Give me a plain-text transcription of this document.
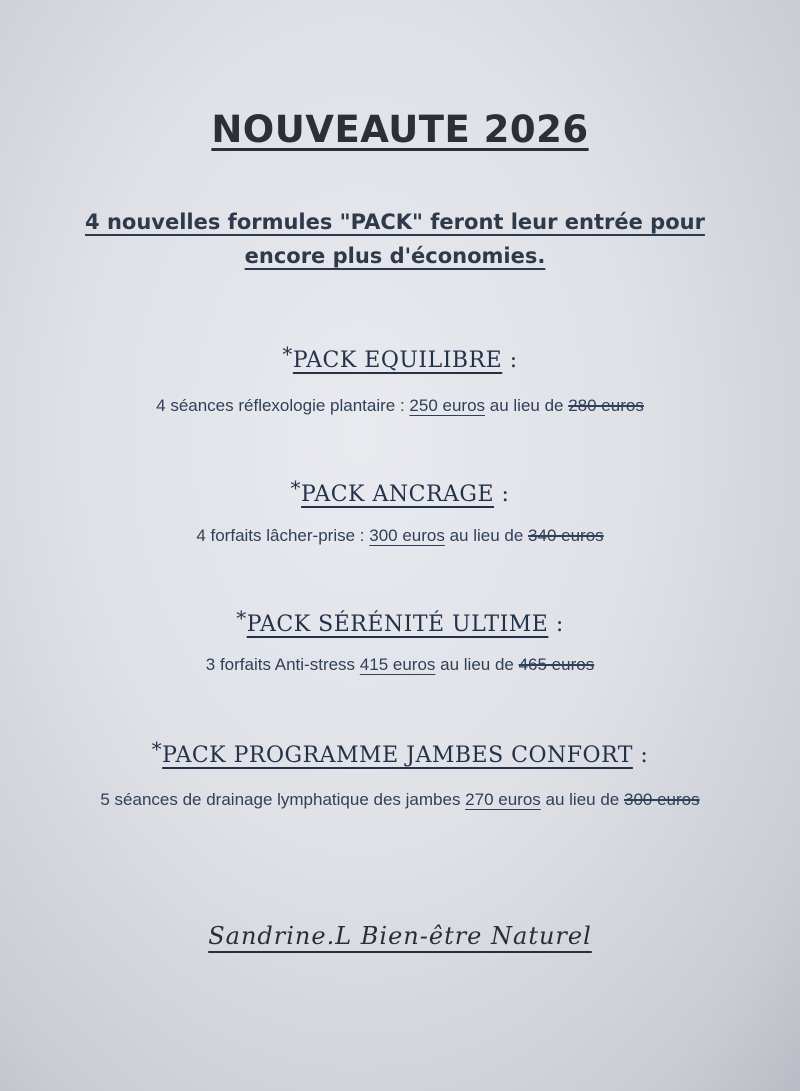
NOUVEAUTE 2026
4 nouvelles formules "PACK" feront leur entrée pour encore plus d'économies.
*PACK EQUILIBRE :
4 séances réflexologie plantaire : 250 euros au lieu de 280 euros
*PACK ANCRAGE :
4 forfaits lâcher-prise : 300 euros au lieu de 340 euros
*PACK SÉRÉNITÉ ULTIME :
3 forfaits Anti-stress 415 euros au lieu de 465 euros
*PACK PROGRAMME JAMBES CONFORT :
5 séances de drainage lymphatique des jambes 270 euros au lieu de 300 euros
Sandrine.L Bien-être Naturel
